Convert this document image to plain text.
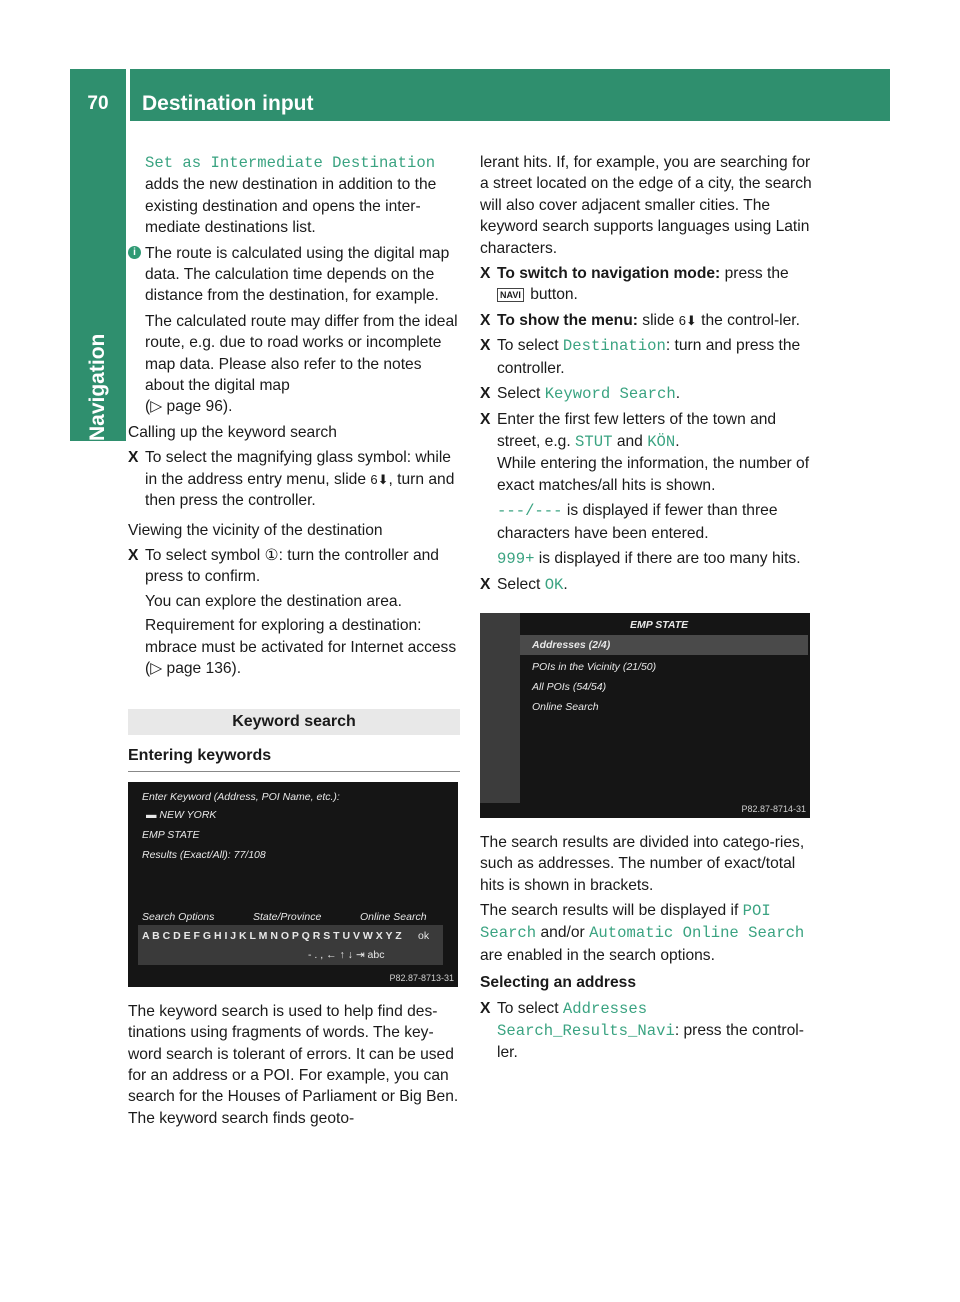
70	Destination input
Navigation

Set as Intermediate Destination
adds the new destination in addition to the existing destination and opens the inter-mediate destinations list.

i The route is calculated using the digital map data. The calculation time depends on the distance from the destination, for example.
The calculated route may differ from the ideal route, e.g. due to road works or incomplete map data. Please also refer to the notes about the digital map
(▷ page 96).

Calling up the keyword search

X To select the magnifying glass symbol: while in the address entry menu, slide 6⬇, turn and then press the controller.

Viewing the vicinity of the destination

X To select symbol ①: turn the controller and press to confirm.
You can explore the destination area.
Requirement for exploring a destination: mbrace must be activated for Internet access (▷ page 136).
Keyword search
Entering keywords
Enter Keyword (Address, POI Name, etc.):
▬ NEW YORK
EMP STATE
Results (Exact/All): 77/108
Search Options	State/Province	Online Search
A B C D E F G H I J K L M N O P Q R S T U V W X Y Z ok
- . , ← ↑ ↓ ⇥ abc
P82.87-8713-31

The keyword search is used to help find des-tinations using fragments of words. The key-word search is tolerant of errors. It can be used for an address or a POI. For example, you can search for the Houses of Parliament or Big Ben. The keyword search finds geoto-

lerant hits. If, for example, you are searching for a street located on the edge of a city, the search will also cover adjacent smaller cities. The keyword search supports languages using Latin characters.

X To switch to navigation mode: press the
NAVI button.
X To show the menu: slide 6⬇ the control-ler.
X To select Destination: turn and press the controller.
X Select Keyword Search.
X Enter the first few letters of the town and street, e.g. STUT and KÖN.
While entering the information, the number of exact matches/all hits is shown.
---/--- is displayed if fewer than three characters have been entered.
999+ is displayed if there are too many hits.
X Select OK.
EMP STATE
Addresses (2/4)
POIs in the Vicinity (21/50)
All POIs (54/54)
Online Search
P82.87-8714-31

The search results are divided into catego-ries, such as addresses. The number of exact/total hits is shown in brackets.

The search results will be displayed if POI Search and/or Automatic Online Search are enabled in the search options.

Selecting an address

X To select Addresses Search_Results_Navi: press the control-ler.
